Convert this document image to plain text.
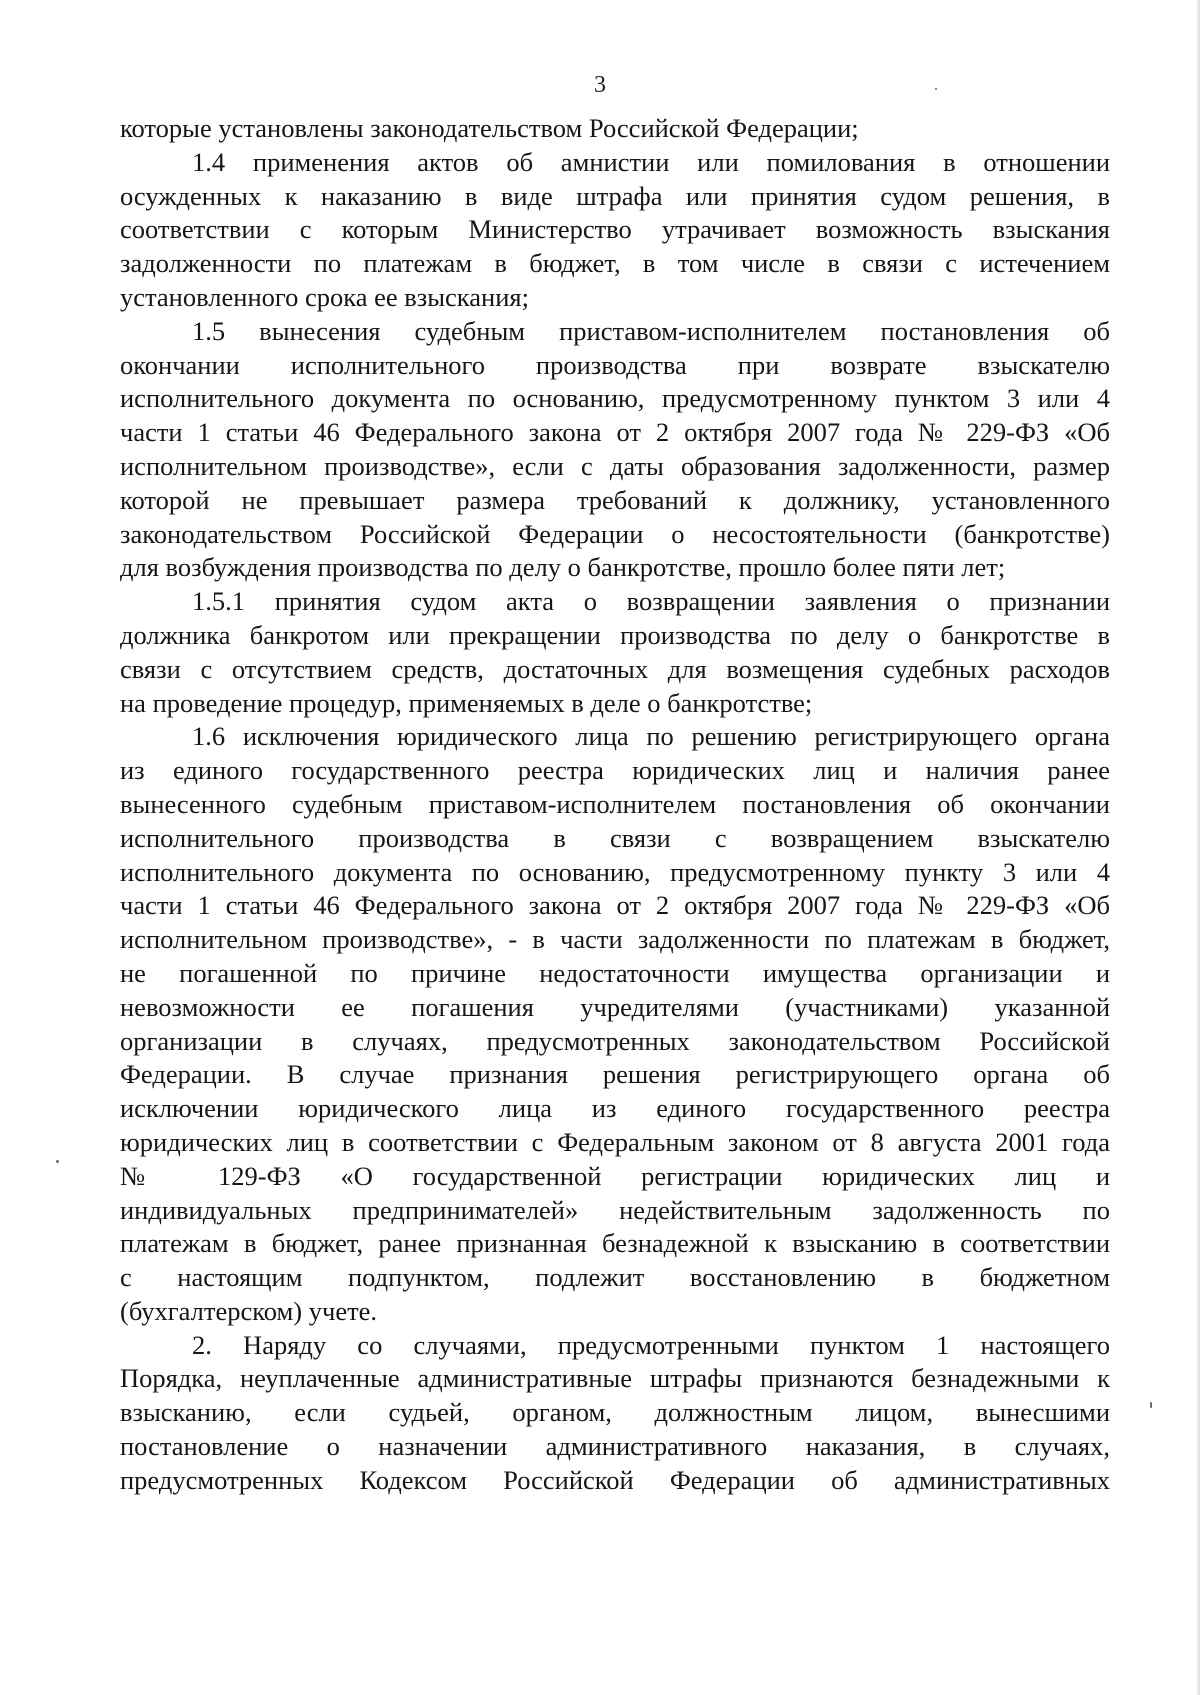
3
которые установлены законодательством Российской Федерации;
1.4 применения актов об амнистии или помилования в отношении
осужденных к наказанию в виде штрафа или принятия судом решения, в
соответствии с которым Министерство утрачивает возможность взыскания
задолженности по платежам в бюджет, в том числе в связи с истечением
установленного срока ее взыскания;
1.5 вынесения судебным приставом-исполнителем постановления об
окончании исполнительного производства при возврате взыскателю
исполнительного документа по основанию, предусмотренному пунктом 3 или 4
части 1 статьи 46 Федерального закона от 2 октября 2007 года № 229-ФЗ «Об
исполнительном производстве», если с даты образования задолженности, размер
которой не превышает размера требований к должнику, установленного
законодательством Российской Федерации о несостоятельности (банкротстве)
для возбуждения производства по делу о банкротстве, прошло более пяти лет;
1.5.1 принятия судом акта о возвращении заявления о признании
должника банкротом или прекращении производства по делу о банкротстве в
связи с отсутствием средств, достаточных для возмещения судебных расходов
на проведение процедур, применяемых в деле о банкротстве;
1.6 исключения юридического лица по решению регистрирующего органа
из единого государственного реестра юридических лиц и наличия ранее
вынесенного судебным приставом-исполнителем постановления об окончании
исполнительного производства в связи с возвращением взыскателю
исполнительного документа по основанию, предусмотренному пункту 3 или 4
части 1 статьи 46 Федерального закона от 2 октября 2007 года № 229-ФЗ «Об
исполнительном производстве», - в части задолженности по платежам в бюджет,
не погашенной по причине недостаточности имущества организации и
невозможности ее погашения учредителями (участниками) указанной
организации в случаях, предусмотренных законодательством Российской
Федерации. В случае признания решения регистрирующего органа об
исключении юридического лица из единого государственного реестра
юридических лиц в соответствии с Федеральным законом от 8 августа 2001 года
№ 129-ФЗ «О государственной регистрации юридических лиц и
индивидуальных предпринимателей» недействительным задолженность по
платежам в бюджет, ранее признанная безнадежной к взысканию в соответствии
с настоящим подпунктом, подлежит восстановлению в бюджетном
(бухгалтерском) учете.
2. Наряду со случаями, предусмотренными пунктом 1 настоящего
Порядка, неуплаченные административные штрафы признаются безнадежными к
взысканию, если судьей, органом, должностным лицом, вынесшими
постановление о назначении административного наказания, в случаях,
предусмотренных Кодексом Российской Федерации об административных
